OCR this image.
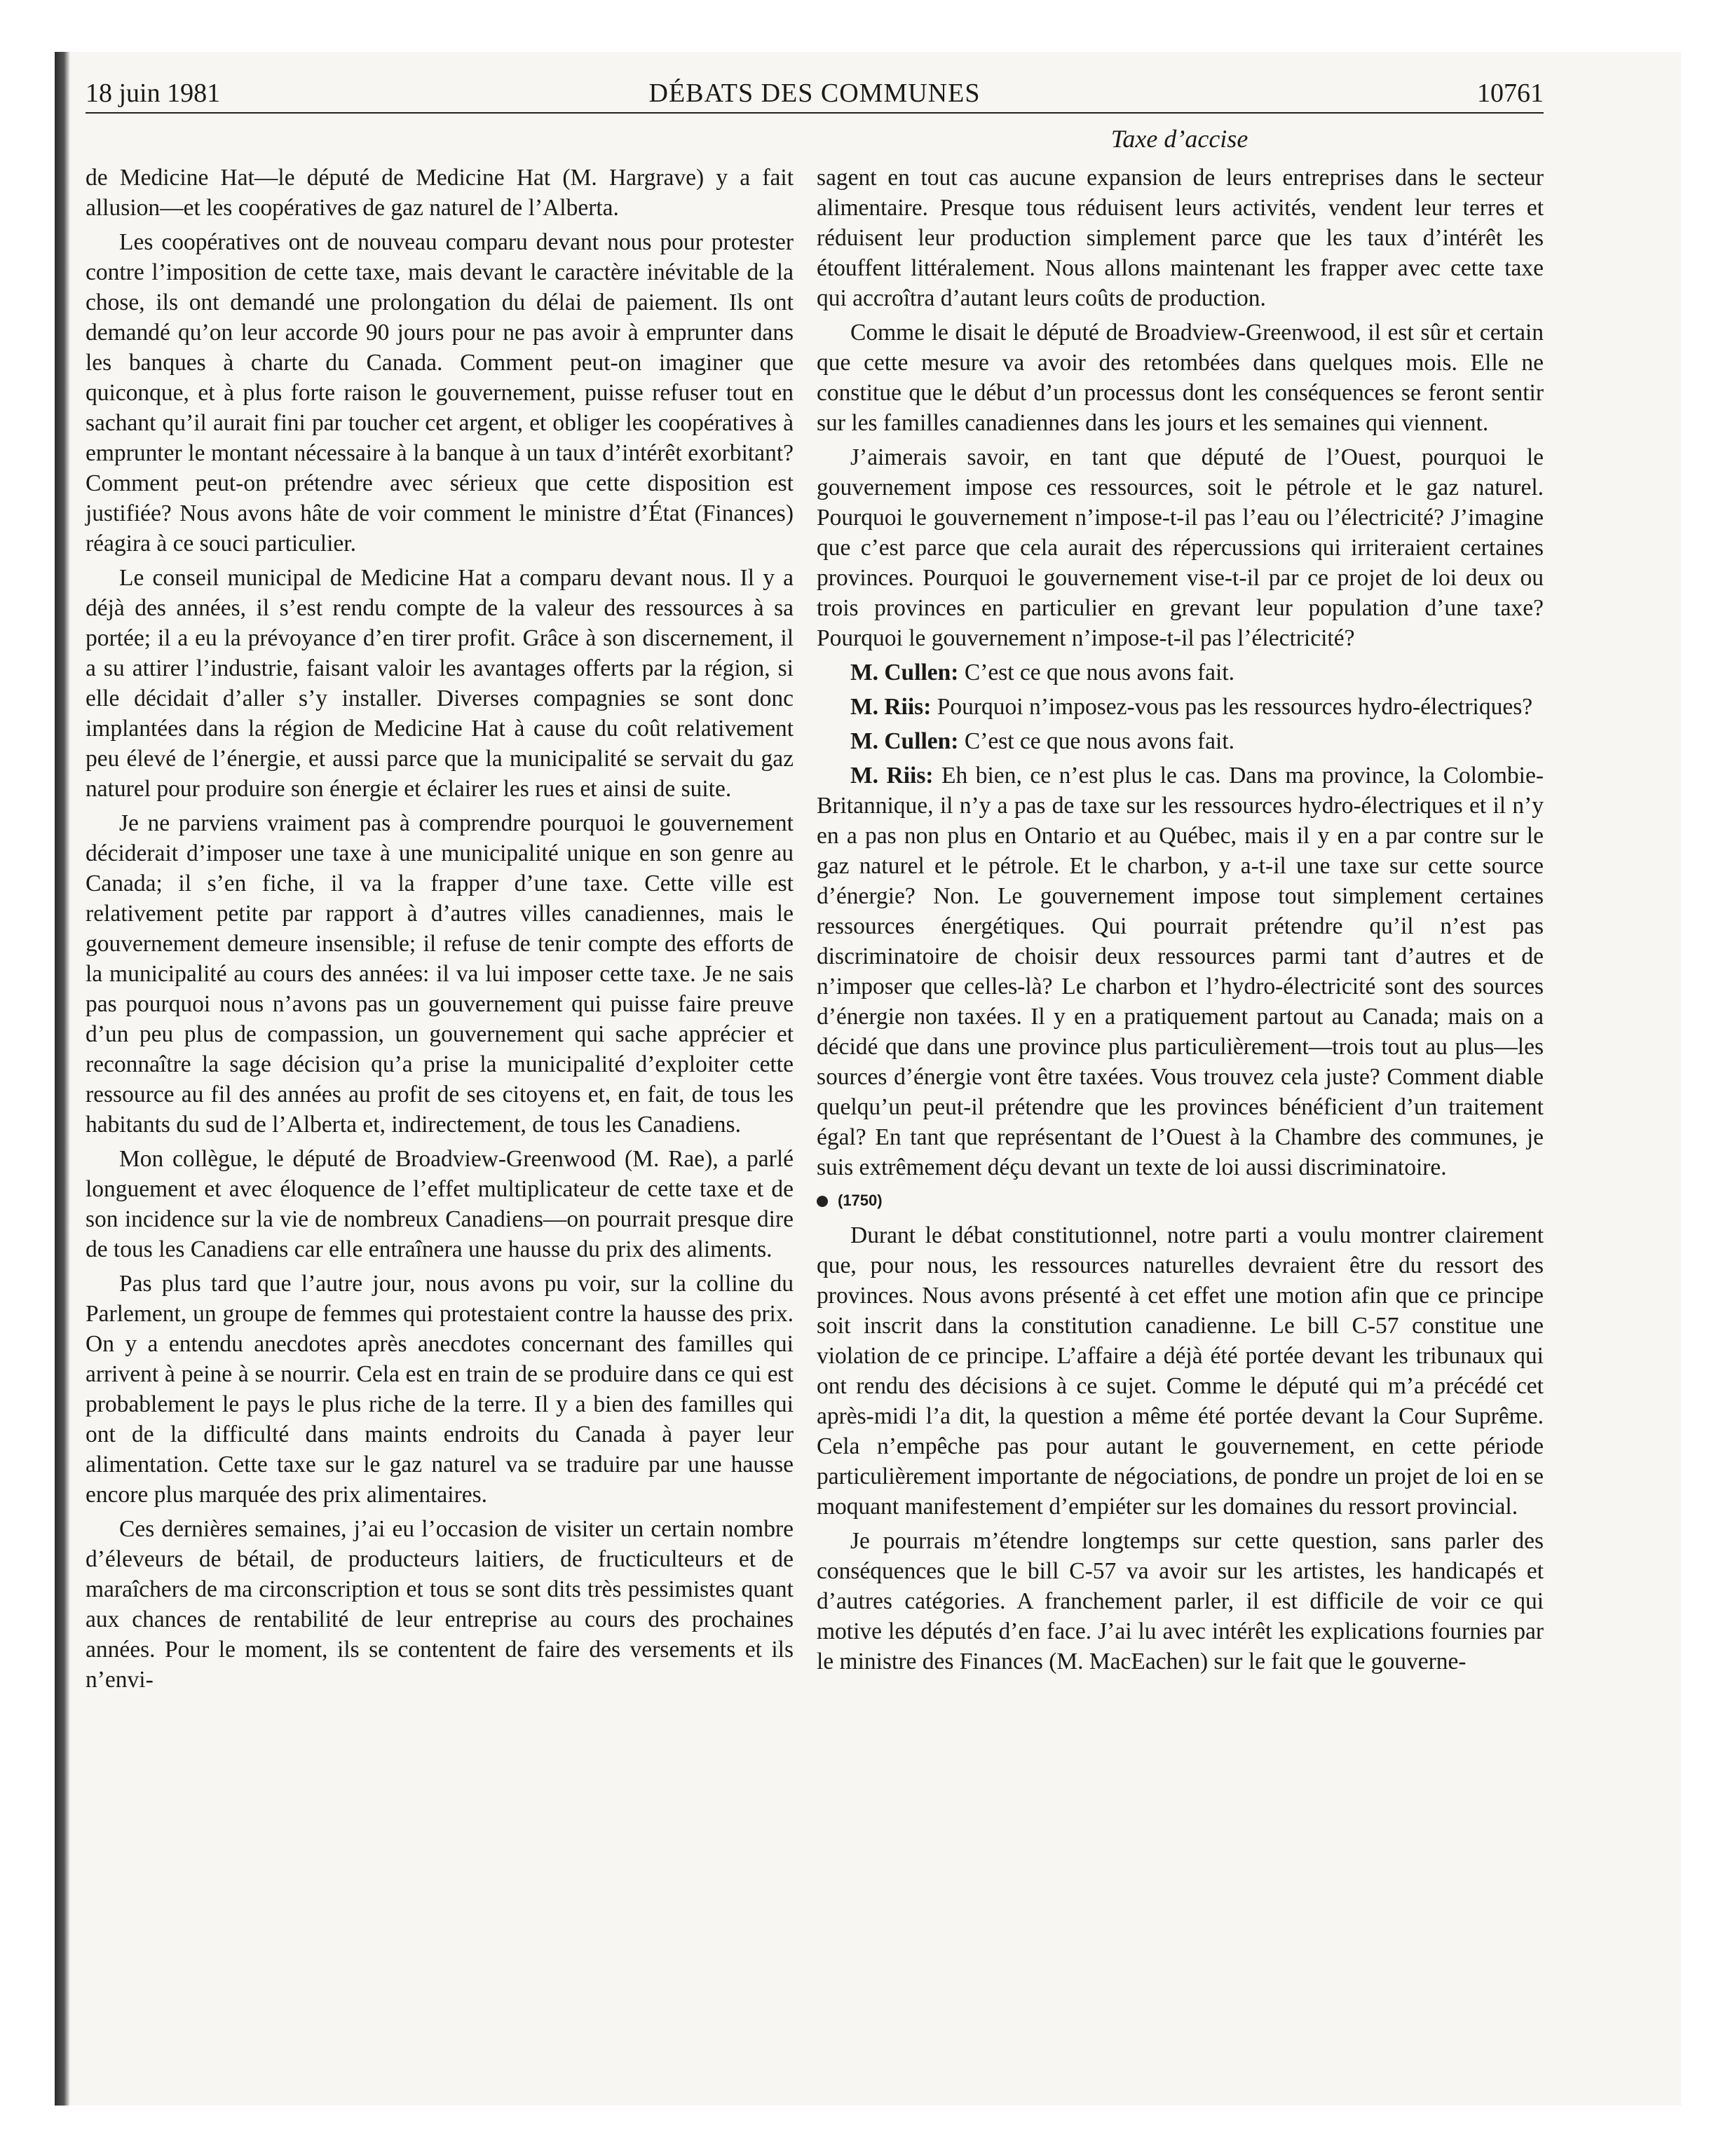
18 juin 1981	DÉBATS DES COMMUNES	10761
Taxe d’accise

de Medicine Hat—le député de Medicine Hat (M. Hargrave) y a fait allusion—et les coopératives de gaz naturel de l’Alberta.

Les coopératives ont de nouveau comparu devant nous pour protester contre l’imposition de cette taxe, mais devant le caractère inévitable de la chose, ils ont demandé une prolongation du délai de paiement. Ils ont demandé qu’on leur accorde 90 jours pour ne pas avoir à emprunter dans les banques à charte du Canada. Comment peut-on imaginer que quiconque, et à plus forte raison le gouvernement, puisse refuser tout en sachant qu’il aurait fini par toucher cet argent, et obliger les coopératives à emprunter le montant nécessaire à la banque à un taux d’intérêt exorbitant? Comment peut-on prétendre avec sérieux que cette disposition est justifiée? Nous avons hâte de voir comment le ministre d’État (Finances) réagira à ce souci particulier.

Le conseil municipal de Medicine Hat a comparu devant nous. Il y a déjà des années, il s’est rendu compte de la valeur des ressources à sa portée; il a eu la prévoyance d’en tirer profit. Grâce à son discernement, il a su attirer l’industrie, faisant valoir les avantages offerts par la région, si elle décidait d’aller s’y installer. Diverses compagnies se sont donc implantées dans la région de Medicine Hat à cause du coût relativement peu élevé de l’énergie, et aussi parce que la municipalité se servait du gaz naturel pour produire son énergie et éclairer les rues et ainsi de suite.

Je ne parviens vraiment pas à comprendre pourquoi le gouvernement déciderait d’imposer une taxe à une municipalité unique en son genre au Canada; il s’en fiche, il va la frapper d’une taxe. Cette ville est relativement petite par rapport à d’autres villes canadiennes, mais le gouvernement demeure insensible; il refuse de tenir compte des efforts de la municipalité au cours des années: il va lui imposer cette taxe. Je ne sais pas pourquoi nous n’avons pas un gouvernement qui puisse faire preuve d’un peu plus de compassion, un gouvernement qui sache apprécier et reconnaître la sage décision qu’a prise la municipalité d’exploiter cette ressource au fil des années au profit de ses citoyens et, en fait, de tous les habitants du sud de l’Alberta et, indirectement, de tous les Canadiens.

Mon collègue, le député de Broadview-Greenwood (M. Rae), a parlé longuement et avec éloquence de l’effet multiplicateur de cette taxe et de son incidence sur la vie de nombreux Canadiens—on pourrait presque dire de tous les Canadiens car elle entraînera une hausse du prix des aliments.

Pas plus tard que l’autre jour, nous avons pu voir, sur la colline du Parlement, un groupe de femmes qui protestaient contre la hausse des prix. On y a entendu anecdotes après anecdotes concernant des familles qui arrivent à peine à se nourrir. Cela est en train de se produire dans ce qui est probablement le pays le plus riche de la terre. Il y a bien des familles qui ont de la difficulté dans maints endroits du Canada à payer leur alimentation. Cette taxe sur le gaz naturel va se traduire par une hausse encore plus marquée des prix alimentaires.

Ces dernières semaines, j’ai eu l’occasion de visiter un certain nombre d’éleveurs de bétail, de producteurs laitiers, de fructiculteurs et de maraîchers de ma circonscription et tous se sont dits très pessimistes quant aux chances de rentabilité de leur entreprise au cours des prochaines années. Pour le moment, ils se contentent de faire des versements et ils n’envi-

sagent en tout cas aucune expansion de leurs entreprises dans le secteur alimentaire. Presque tous réduisent leurs activités, vendent leur terres et réduisent leur production simplement parce que les taux d’intérêt les étouffent littéralement. Nous allons maintenant les frapper avec cette taxe qui accroîtra d’autant leurs coûts de production.

Comme le disait le député de Broadview-Greenwood, il est sûr et certain que cette mesure va avoir des retombées dans quelques mois. Elle ne constitue que le début d’un processus dont les conséquences se feront sentir sur les familles canadiennes dans les jours et les semaines qui viennent.

J’aimerais savoir, en tant que député de l’Ouest, pourquoi le gouvernement impose ces ressources, soit le pétrole et le gaz naturel. Pourquoi le gouvernement n’impose-t-il pas l’eau ou l’électricité? J’imagine que c’est parce que cela aurait des répercussions qui irriteraient certaines provinces. Pourquoi le gouvernement vise-t-il par ce projet de loi deux ou trois provinces en particulier en grevant leur population d’une taxe? Pourquoi le gouvernement n’impose-t-il pas l’électricité?

M. Cullen: C’est ce que nous avons fait.

M. Riis: Pourquoi n’imposez-vous pas les ressources hydro-électriques?

M. Cullen: C’est ce que nous avons fait.

M. Riis: Eh bien, ce n’est plus le cas. Dans ma province, la Colombie-Britannique, il n’y a pas de taxe sur les ressources hydro-électriques et il n’y en a pas non plus en Ontario et au Québec, mais il y en a par contre sur le gaz naturel et le pétrole. Et le charbon, y a-t-il une taxe sur cette source d’énergie? Non. Le gouvernement impose tout simplement certaines ressources énergétiques. Qui pourrait prétendre qu’il n’est pas discriminatoire de choisir deux ressources parmi tant d’autres et de n’imposer que celles-là? Le charbon et l’hydro-électricité sont des sources d’énergie non taxées. Il y en a pratiquement partout au Canada; mais on a décidé que dans une province plus particulièrement—trois tout au plus—les sources d’énergie vont être taxées. Vous trouvez cela juste? Comment diable quelqu’un peut-il prétendre que les provinces bénéficient d’un traitement égal? En tant que représentant de l’Ouest à la Chambre des communes, je suis extrêmement déçu devant un texte de loi aussi discriminatoire.

(1750)

Durant le débat constitutionnel, notre parti a voulu montrer clairement que, pour nous, les ressources naturelles devraient être du ressort des provinces. Nous avons présenté à cet effet une motion afin que ce principe soit inscrit dans la constitution canadienne. Le bill C-57 constitue une violation de ce principe. L’affaire a déjà été portée devant les tribunaux qui ont rendu des décisions à ce sujet. Comme le député qui m’a précédé cet après-midi l’a dit, la question a même été portée devant la Cour Suprême. Cela n’empêche pas pour autant le gouvernement, en cette période particulièrement importante de négociations, de pondre un projet de loi en se moquant manifestement d’empiéter sur les domaines du ressort provincial.

Je pourrais m’étendre longtemps sur cette question, sans parler des conséquences que le bill C-57 va avoir sur les artistes, les handicapés et d’autres catégories. A franchement parler, il est difficile de voir ce qui motive les députés d’en face. J’ai lu avec intérêt les explications fournies par le ministre des Finances (M. MacEachen) sur le fait que le gouverne-
